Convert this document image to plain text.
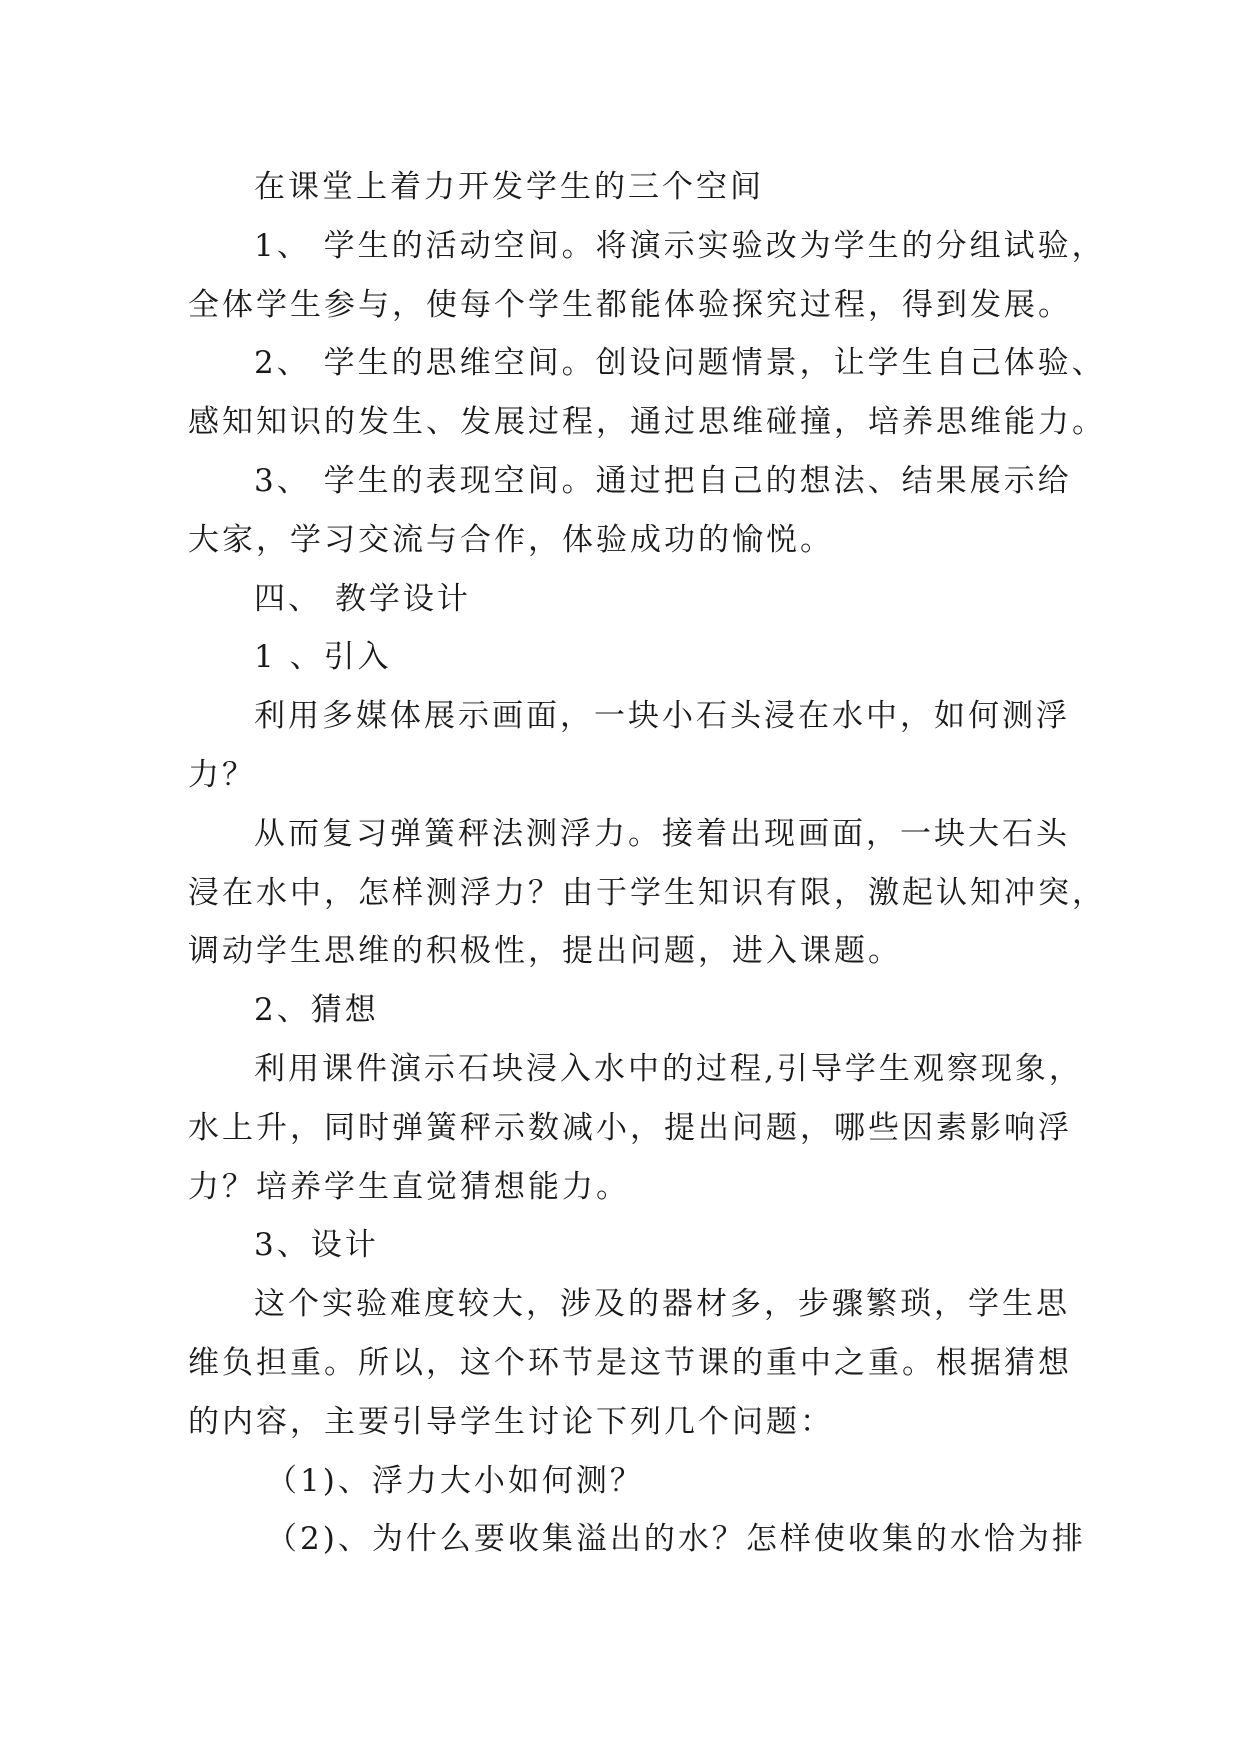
在课堂上着力开发学生的三个空间
1、 学生的活动空间。将演示实验改为学生的分组试验，
全体学生参与，使每个学生都能体验探究过程，得到发展。
2、 学生的思维空间。创设问题情景，让学生自己体验、
感知知识的发生、发展过程，通过思维碰撞，培养思维能力。
3、 学生的表现空间。通过把自己的想法、结果展示给
大家，学习交流与合作，体验成功的愉悦。
四、 教学设计
1 、引入
利用多媒体展示画面，一块小石头浸在水中，如何测浮
力？
从而复习弹簧秤法测浮力。接着出现画面，一块大石头
浸在水中，怎样测浮力？由于学生知识有限，激起认知冲突，
调动学生思维的积极性，提出问题，进入课题。
2、猜想
利用课件演示石块浸入水中的过程,引导学生观察现象，
水上升，同时弹簧秤示数减小，提出问题，哪些因素影响浮
力？培养学生直觉猜想能力。
3、设计
这个实验难度较大，涉及的器材多，步骤繁琐，学生思
维负担重。所以，这个环节是这节课的重中之重。根据猜想
的内容，主要引导学生讨论下列几个问题：
（1)、浮力大小如何测？
（2)、为什么要收集溢出的水？怎样使收集的水恰为排
